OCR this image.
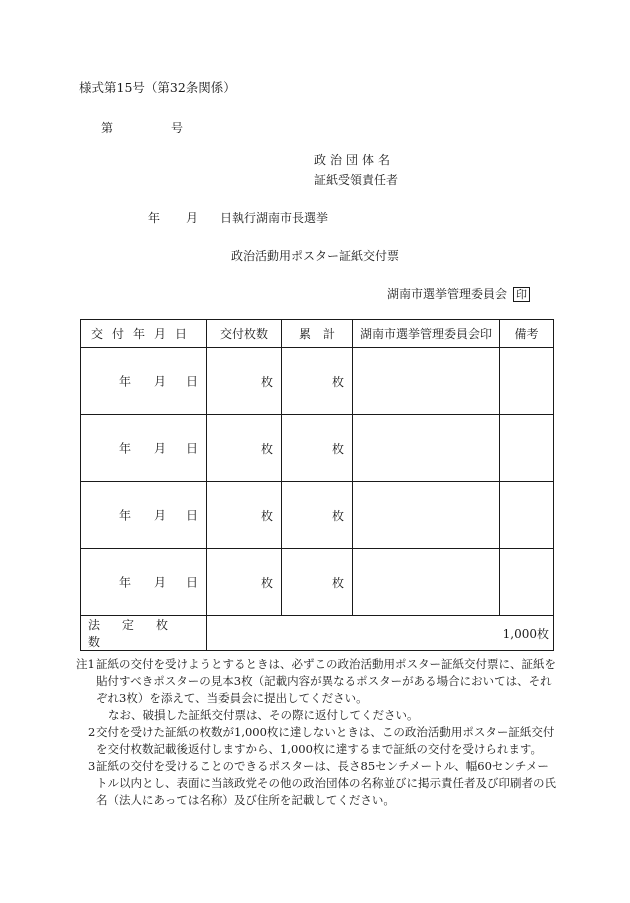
様式第15号（第32条関係）
第	号
政治団体名
証紙受領責任者
年 月 日執行湖南市長選挙
政治活動用ポスター証紙交付票
湖南市選挙管理委員会 印
交付年月日	交付枚数	累　計	湖南市選挙管理委員会印	備考

年 月 日	枚	枚		

年 月 日	枚	枚		

年 月 日	枚	枚		

年 月 日	枚	枚		
法定枚数	1,000枚			
注1 証紙の交付を受けようとするときは、必ずこの政治活動用ポスター証紙交付票に、証紙を貼付すべきポスターの見本3枚（記載内容が異なるポスターがある場合においては、それぞれ3枚）を添えて、当委員会に提出してください。
なお、破損した証紙交付票は、その際に返付してください。
2 交付を受けた証紙の枚数が1,000枚に達しないときは、この政治活動用ポスター証紙交付を交付枚数記載後返付しますから、1,000枚に達するまで証紙の交付を受けられます。
3 証紙の交付を受けることのできるポスターは、長さ85センチメートル、幅60センチメートル以内とし、表面に当該政党その他の政治団体の名称並びに掲示責任者及び印刷者の氏名（法人にあっては名称）及び住所を記載してください。
